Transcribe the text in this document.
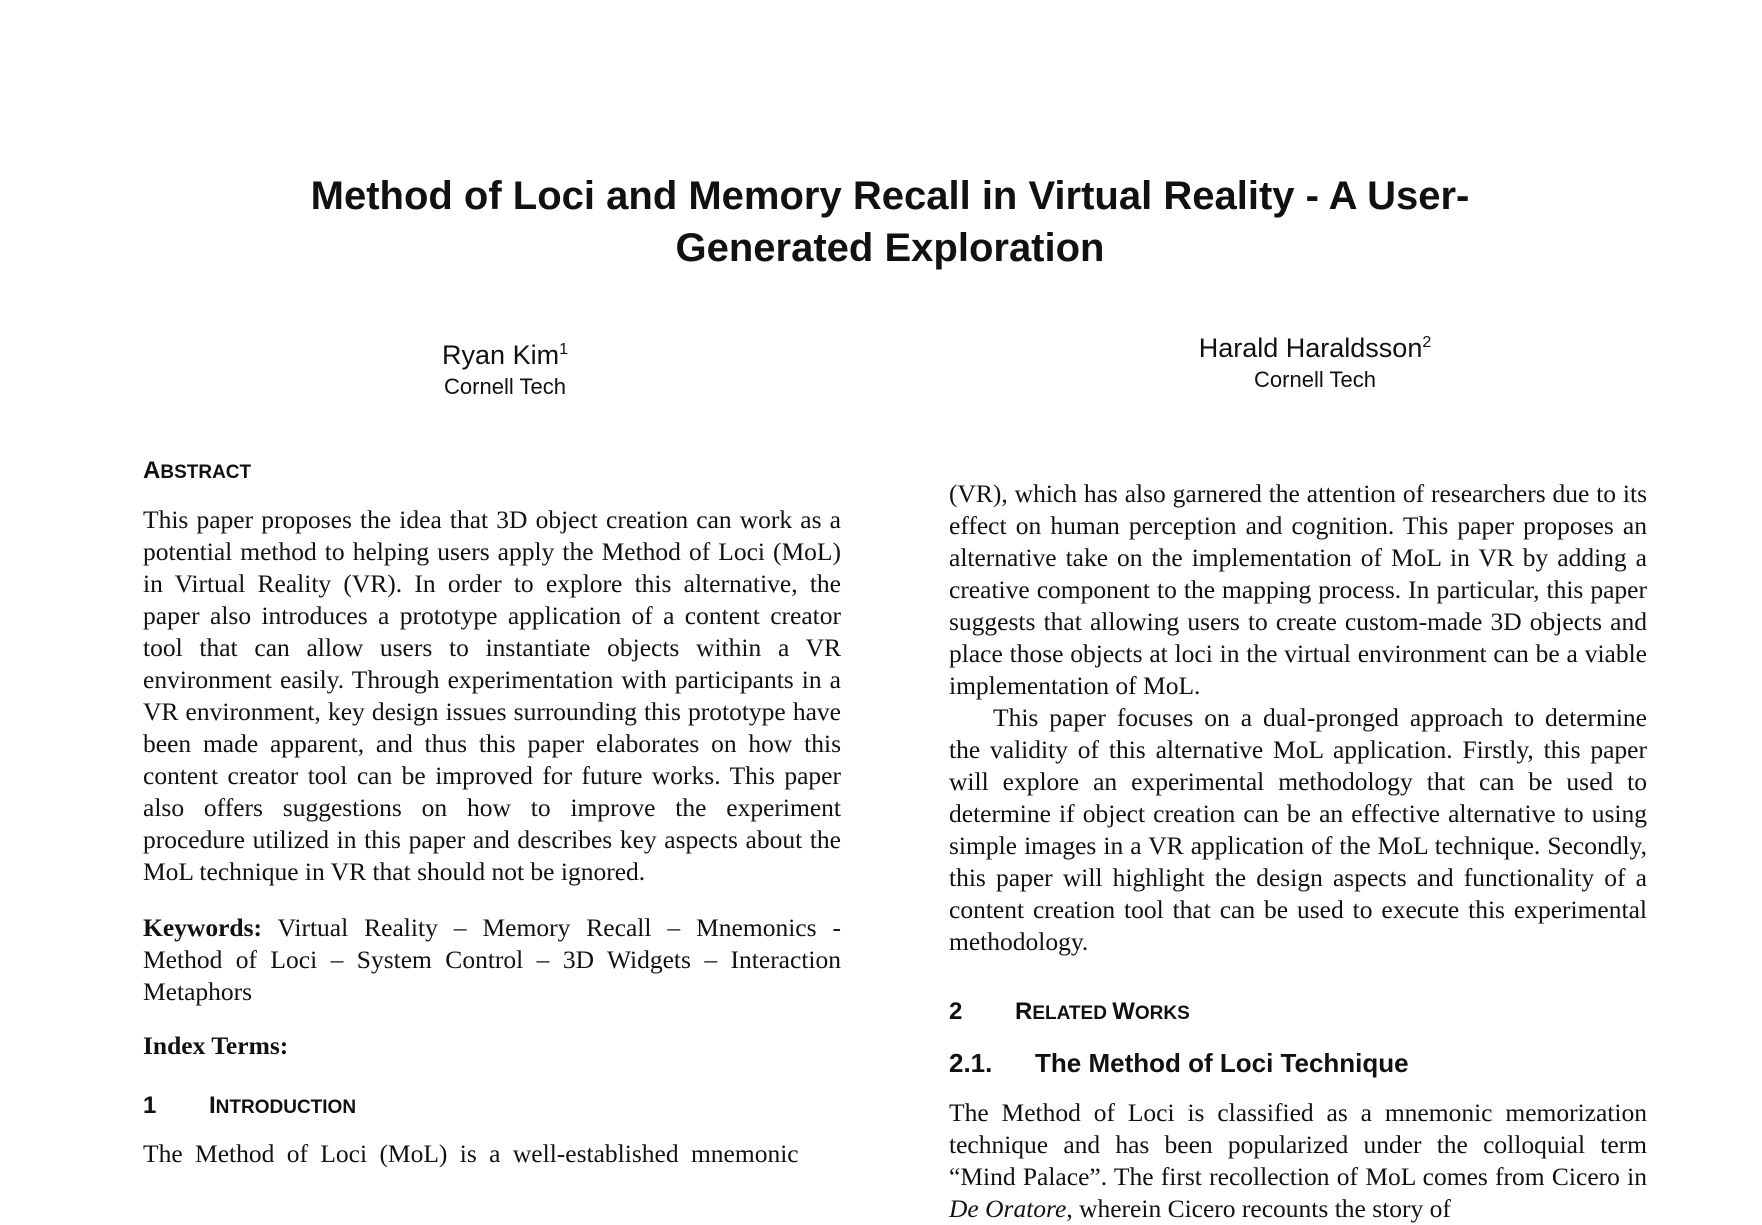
Method of Loci and Memory Recall in Virtual Reality - A User-
Generated Exploration
Ryan Kim$^1$
Cornell Tech
Harald Haraldsson$^2$
Cornell Tech
ABSTRACT

This paper proposes the idea that 3D object creation can work as a potential method to helping users apply the Method of Loci (MoL) in Virtual Reality (VR). In order to explore this alternative, the paper also introduces a prototype application of a content creator tool that can allow users to instantiate objects within a VR environment easily. Through experimentation with participants in a VR environment, key design issues surrounding this prototype have been made apparent, and thus this paper elaborates on how this content creator tool can be improved for future works. This paper also offers suggestions on how to improve the experiment procedure utilized in this paper and describes key aspects about the MoL technique in VR that should not be ignored.

Keywords: Virtual Reality – Memory Recall – Mnemonics - Method of Loci – System Control – 3D Widgets – Interaction Metaphors

Index Terms:

1	INTRODUCTION

The Method of Loci (MoL) is a well-established mnemonic

(VR), which has also garnered the attention of researchers due to its effect on human perception and cognition. This paper proposes an alternative take on the implementation of MoL in VR by adding a creative component to the mapping process. In particular, this paper suggests that allowing users to create custom-made 3D objects and place those objects at loci in the virtual environment can be a viable implementation of MoL.

This paper focuses on a dual-pronged approach to determine the validity of this alternative MoL application. Firstly, this paper will explore an experimental methodology that can be used to determine if object creation can be an effective alternative to using simple images in a VR application of the MoL technique. Secondly, this paper will highlight the design aspects and functionality of a content creation tool that can be used to execute this experimental methodology.

2	RELATED WORKS
2.1.	The Method of Loci Technique

The Method of Loci is classified as a mnemonic memorization technique and has been popularized under the colloquial term “Mind Palace”. The first recollection of MoL comes from Cicero in De Oratore, wherein Cicero recounts the story of
